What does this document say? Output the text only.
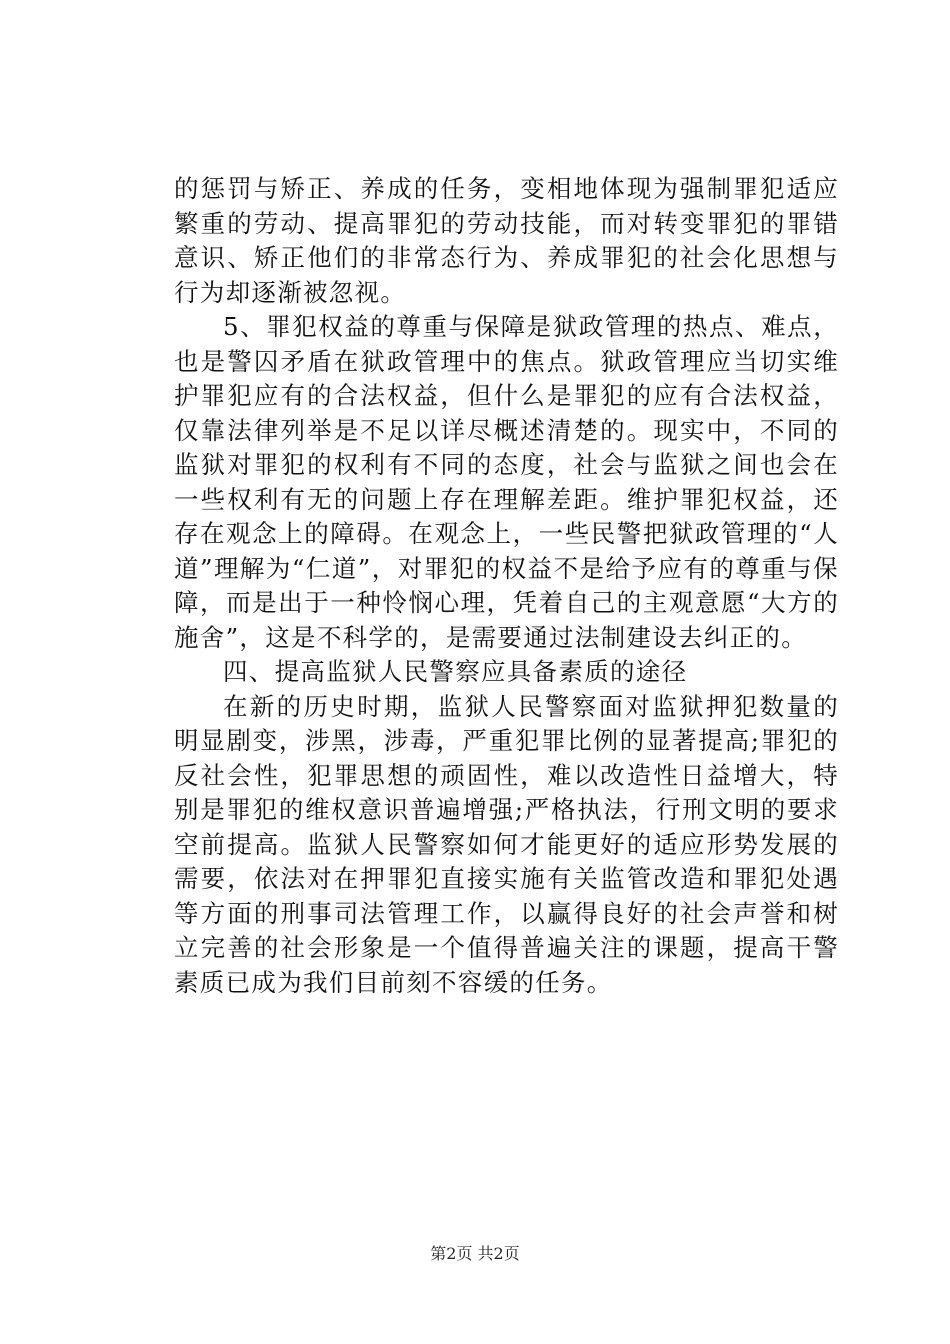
的惩罚与矫正、养成的任务，变相地体现为强制罪犯适应繁重的劳动、提高罪犯的劳动技能，而对转变罪犯的罪错意识、矫正他们的非常态行为、养成罪犯的社会化思想与行为却逐渐被忽视。

5、罪犯权益的尊重与保障是狱政管理的热点、难点，也是警囚矛盾在狱政管理中的焦点。狱政管理应当切实维护罪犯应有的合法权益，但什么是罪犯的应有合法权益，仅靠法律列举是不足以详尽概述清楚的。现实中，不同的监狱对罪犯的权利有不同的态度，社会与监狱之间也会在一些权利有无的问题上存在理解差距。维护罪犯权益，还存在观念上的障碍。在观念上，一些民警把狱政管理的“人道”理解为“仁道”，对罪犯的权益不是给予应有的尊重与保障，而是出于一种怜悯心理，凭着自己的主观意愿“大方的施舍”，这是不科学的，是需要通过法制建设去纠正的。

四、提高监狱人民警察应具备素质的途径

在新的历史时期，监狱人民警察面对监狱押犯数量的明显剧变，涉黑，涉毒，严重犯罪比例的显著提高;罪犯的反社会性，犯罪思想的顽固性，难以改造性日益增大，特别是罪犯的维权意识普遍增强;严格执法，行刑文明的要求空前提高。监狱人民警察如何才能更好的适应形势发展的需要，依法对在押罪犯直接实施有关监管改造和罪犯处遇等方面的刑事司法管理工作，以赢得良好的社会声誉和树立完善的社会形象是一个值得普遍关注的课题，提高干警素质已成为我们目前刻不容缓的任务。

第2页 共2页
